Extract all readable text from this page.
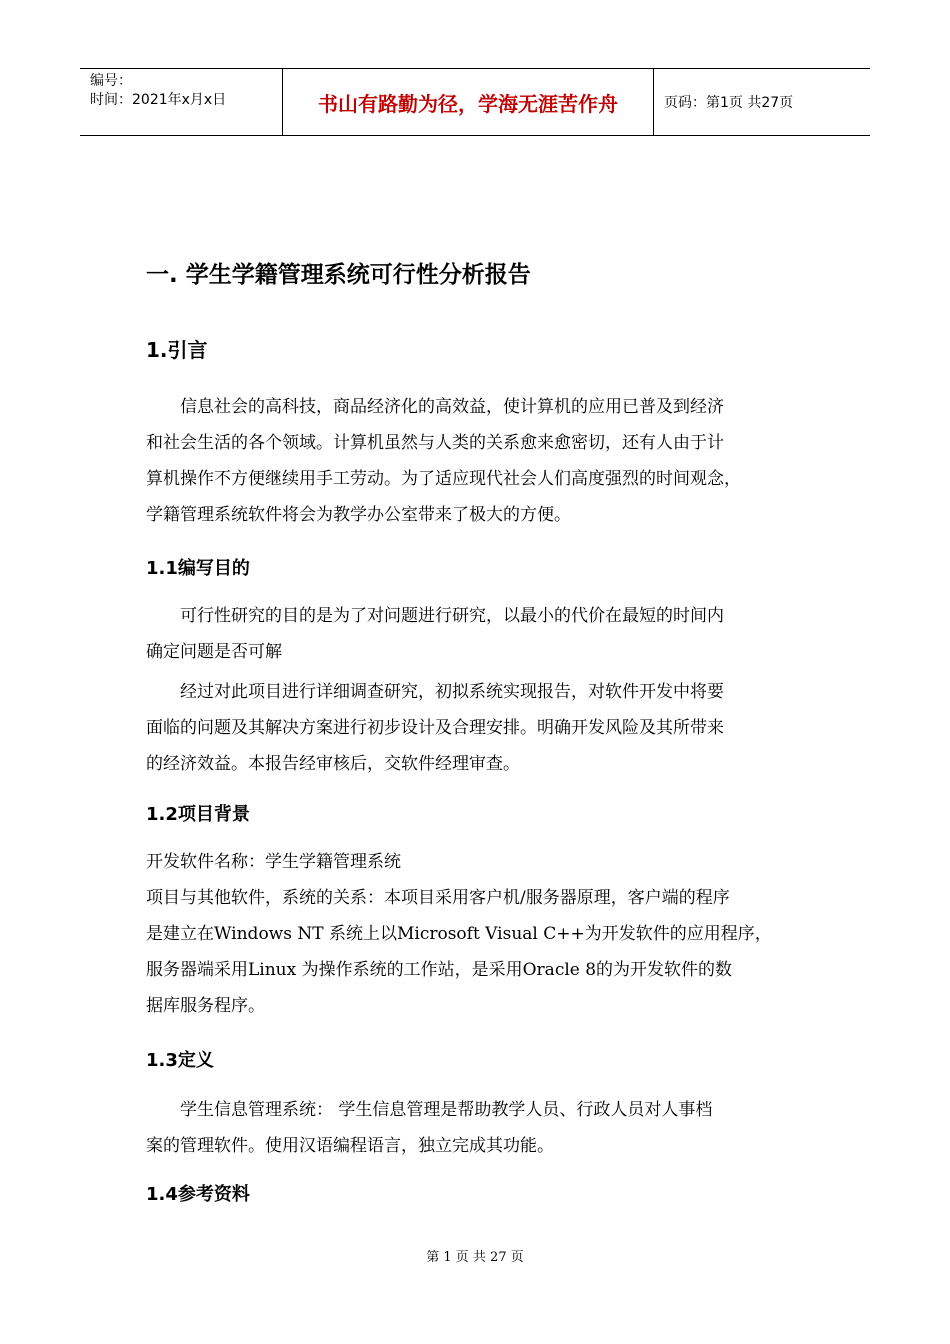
编号：
时间：2021年x月x日	书山有路勤为径，学海无涯苦作舟	页码：第1页 共27页
一. 学生学籍管理系统可行性分析报告
1.引言

信息社会的高科技，商品经济化的高效益，使计算机的应用已普及到经济
和社会生活的各个领域。计算机虽然与人类的关系愈来愈密切，还有人由于计
算机操作不方便继续用手工劳动。为了适应现代社会人们高度强烈的时间观念，
学籍管理系统软件将会为教学办公室带来了极大的方便。

1.1编写目的

可行性研究的目的是为了对问题进行研究，以最小的代价在最短的时间内
确定问题是否可解

经过对此项目进行详细调查研究，初拟系统实现报告，对软件开发中将要
面临的问题及其解决方案进行初步设计及合理安排。明确开发风险及其所带来
的经济效益。本报告经审核后，交软件经理审查。

1.2项目背景

开发软件名称：学生学籍管理系统
项目与其他软件，系统的关系：本项目采用客户机/服务器原理，客户端的程序
是建立在Windows NT 系统上以Microsoft Visual C++为开发软件的应用程序，
服务器端采用Linux 为操作系统的工作站，是采用Oracle 8的为开发软件的数
据库服务程序。

1.3定义

学生信息管理系统： 学生信息管理是帮助教学人员、行政人员对人事档
案的管理软件。使用汉语编程语言，独立完成其功能。

1.4参考资料
第 1 页 共 27 页
